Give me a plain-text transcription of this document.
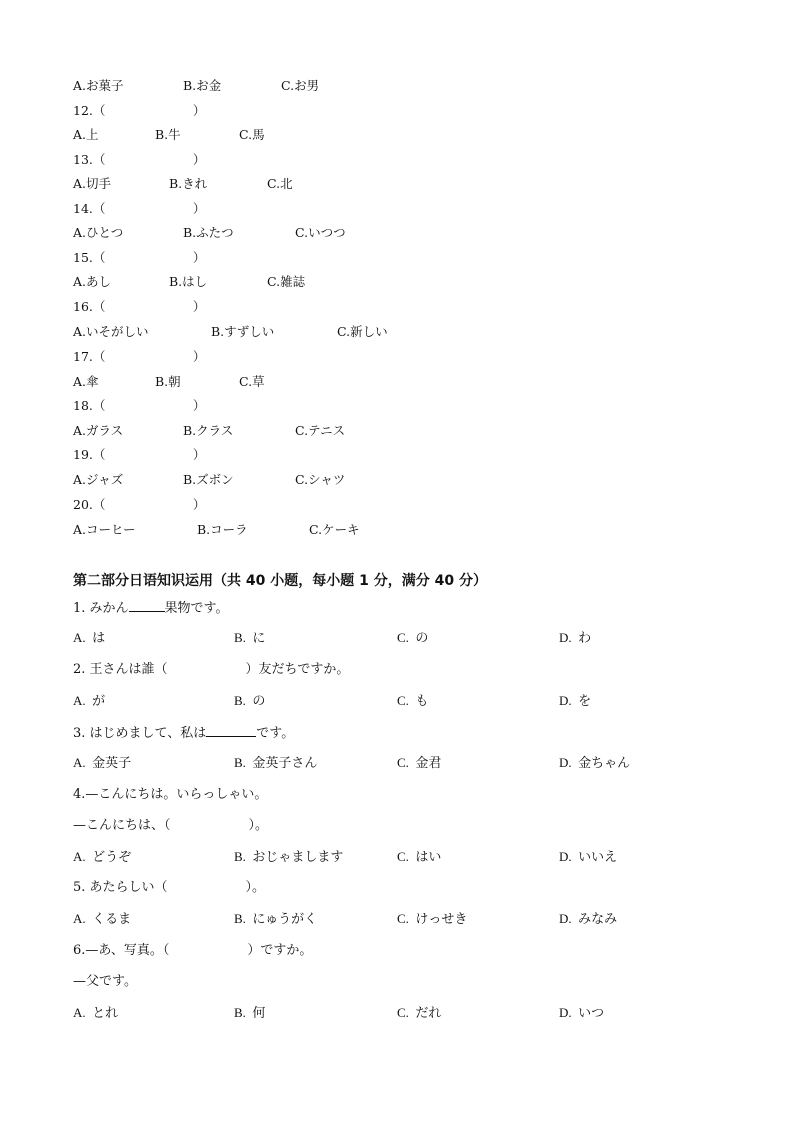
A.お菓子	B.お金	C.お男
12.（　　　　　　　）
A.上	B.牛	C.馬
13.（　　　　　　　）
A.切手	B.きれ	C.北
14.（　　　　　　　）
A.ひとつ	B.ふたつ	C.いつつ
15.（　　　　　　　）
A.あし	B.はし	C.雑誌
16.（　　　　　　　）
A.いそがしい	B.すずしい	C.新しい
17.（　　　　　　　）
A.傘	B.朝	C.草
18.（　　　　　　　）
A.ガラス	B.クラス	C.テニス
19.（　　　　　　　）
A.ジャズ	B.ズボン	C.シャツ
20.（　　　　　　　）
A.コーヒー	B.コーラ	C.ケーキ
第二部分日语知识运用（共 40 小题，每小题 1 分，满分 40 分）
1. みかん	果物です。
A.  は	B.  に	C.  の	D.  わ
2. 王さんは誰（　　　　　　）友だちですか。
A.  が	B.  の	C.  も	D.  を
3. はじめまして、私は	です。
A.  金英子	B.  金英子さん	C.  金君	D.  金ちゃん
4.—こんにちは。いらっしゃい。
—こんにちは、（　　　　　　）。
A.  どうぞ	B.  おじゃまします	C.  はい	D.  いいえ
5. あたらしい（　　　　　　）。
A.  くるま	B.  にゅうがく	C.  けっせき	D.  みなみ
6.—あ、写真。（　　　　　　）ですか。
—父です。
A.  とれ	B.  何	C.  だれ	D.  いつ
